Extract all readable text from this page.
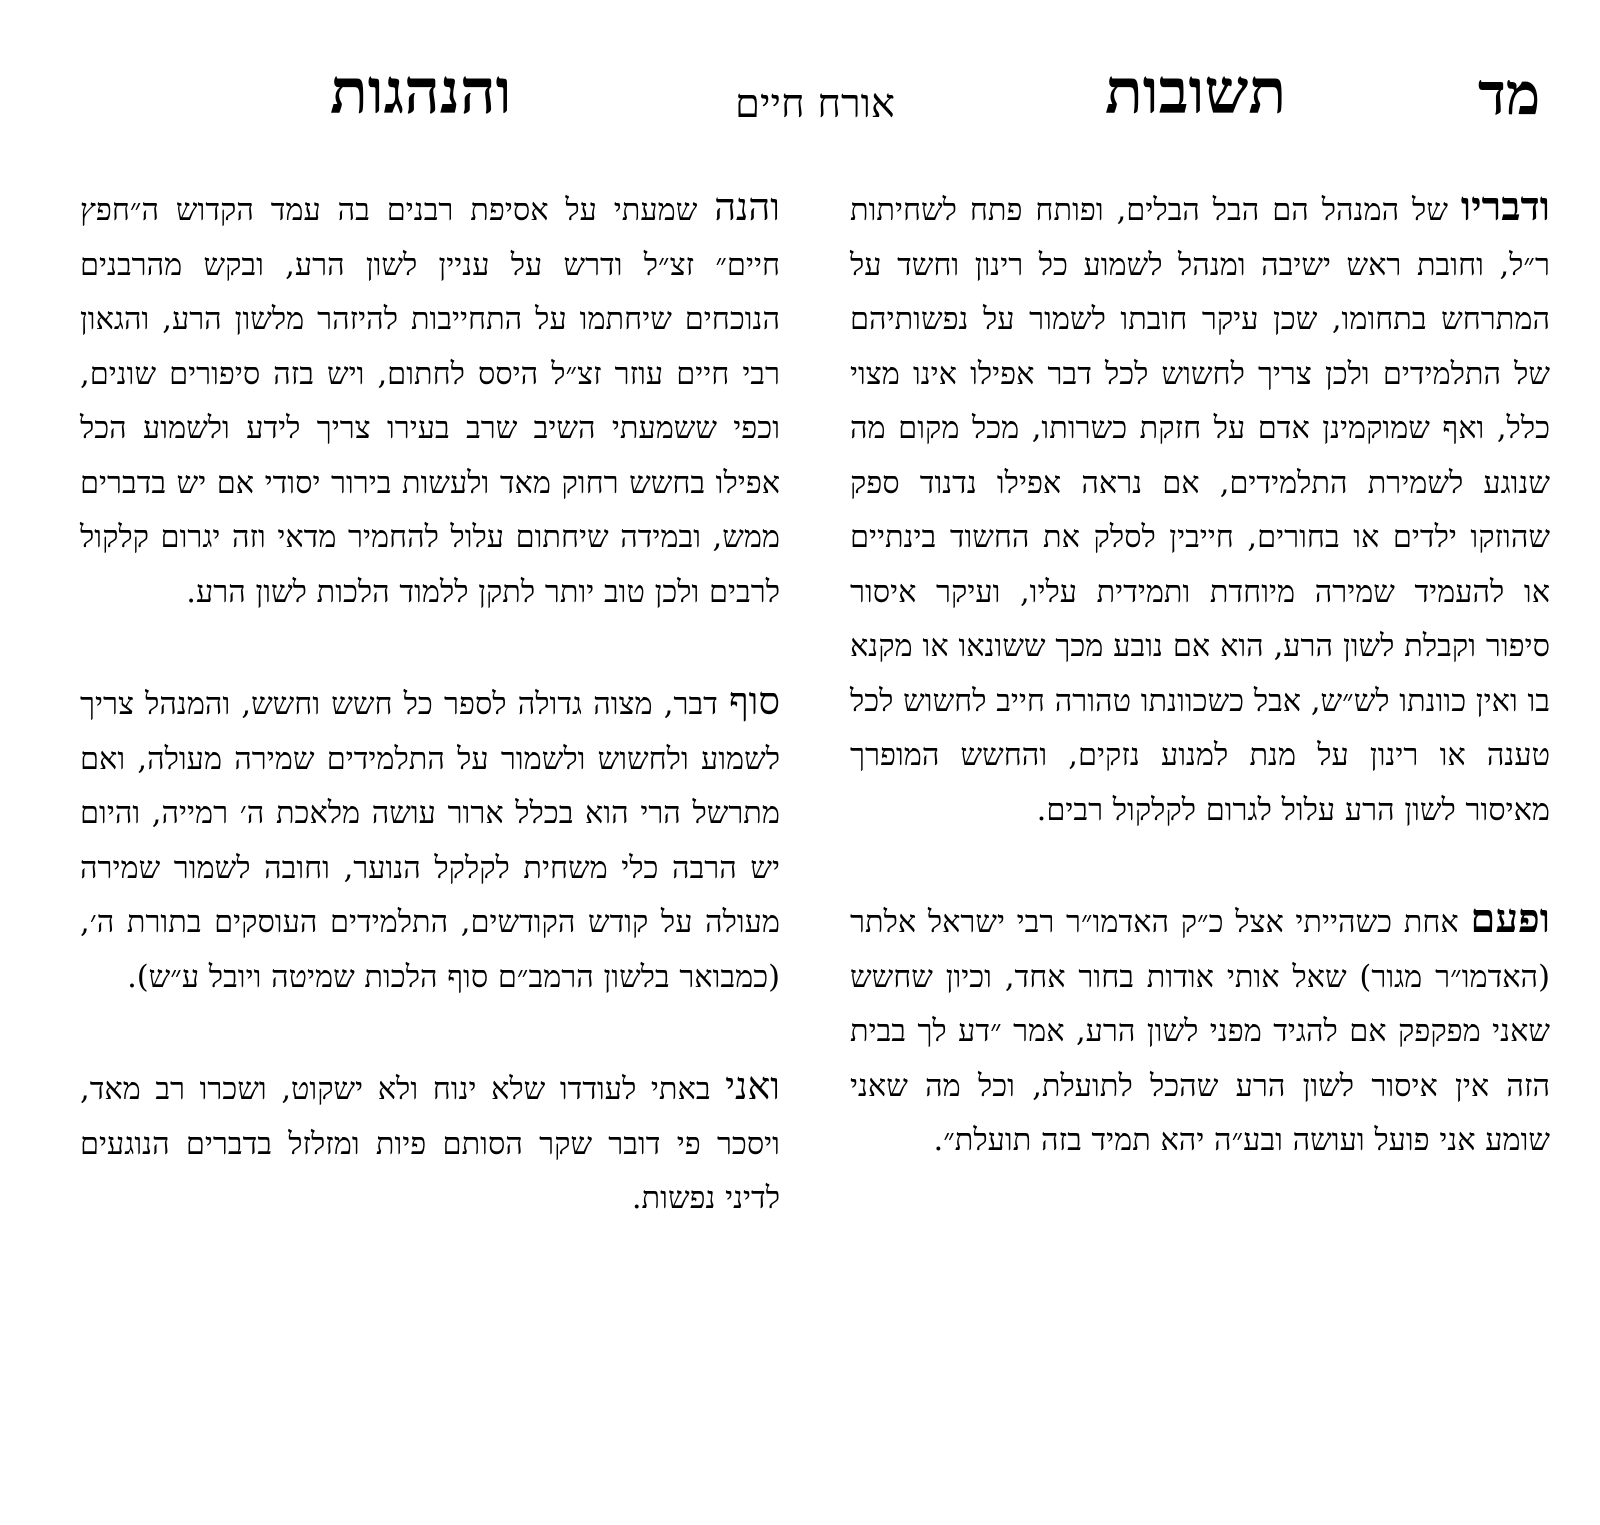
מד
תשובות
אורח חיים
והנהגות

ודבריו של המנהל הם הבל הבלים, ופותח פתח לשחיתות ר״ל, וחובת ראש ישיבה ומנהל לשמוע כל רינון וחשד על המתרחש בתחומו, שכן עיקר חובתו לשמור על נפשותיהם של התלמידים ולכן צריך לחשוש לכל דבר אפילו אינו מצוי כלל, ואף שמוקמינן אדם על חזקת כשרותו, מכל מקום מה שנוגע לשמירת התלמידים, אם נראה אפילו נדנוד ספק שהוזקו ילדים או בחורים, חייבין לסלק את החשוד בינתיים או להעמיד שמירה מיוחדת ותמידית עליו, ועיקר איסור סיפור וקבלת לשון הרע, הוא אם נובע מכך ששונאו או מקנא בו ואין כוונתו לש״ש, אבל כשכוונתו טהורה חייב לחשוש לכל טענה או רינון על מנת למנוע נזקים, והחשש המופרך מאיסור לשון הרע עלול לגרום לקלקול רבים.

ופעם אחת כשהייתי אצל כ״ק האדמו״ר רבי ישראל אלתר (האדמו״ר מגור) שאל אותי אודות בחור אחד, וכיון שחשש שאני מפקפק אם להגיד מפני לשון הרע, אמר ״דע לך בבית הזה אין איסור לשון הרע שהכל לתועלת, וכל מה שאני שומע אני פועל ועושה ובע״ה יהא תמיד בזה תועלת״.

והנה שמעתי על אסיפת רבנים בה עמד הקדוש ה״חפץ חיים״ זצ״ל ודרש על עניין לשון הרע, ובקש מהרבנים הנוכחים שיחתמו על התחייבות להיזהר מלשון הרע, והגאון רבי חיים עוזר זצ״ל היסס לחתום, ויש בזה סיפורים שונים, וכפי ששמעתי השיב שרב בעירו צריך לידע ולשמוע הכל אפילו בחשש רחוק מאד ולעשות בירור יסודי אם יש בדברים ממש, ובמידה שיחתום עלול להחמיר מדאי וזה יגרום קלקול לרבים ולכן טוב יותר לתקן ללמוד הלכות לשון הרע.

סוף דבר, מצוה גדולה לספר כל חשש וחשש, והמנהל צריך לשמוע ולחשוש ולשמור על התלמידים שמירה מעולה, ואם מתרשל הרי הוא בכלל ארור עושה מלאכת ה׳ רמייה, והיום יש הרבה כלי משחית לקלקל הנוער, וחובה לשמור שמירה מעולה על קודש הקודשים, התלמידים העוסקים בתורת ה׳, (כמבואר בלשון הרמב״ם סוף הלכות שמיטה ויובל ע״ש).

ואני באתי לעודדו שלא ינוח ולא ישקוט, ושכרו רב מאד, ויסכר פי דובר שקר הסותם פיות ומזלזל בדברים הנוגעים לדיני נפשות.
